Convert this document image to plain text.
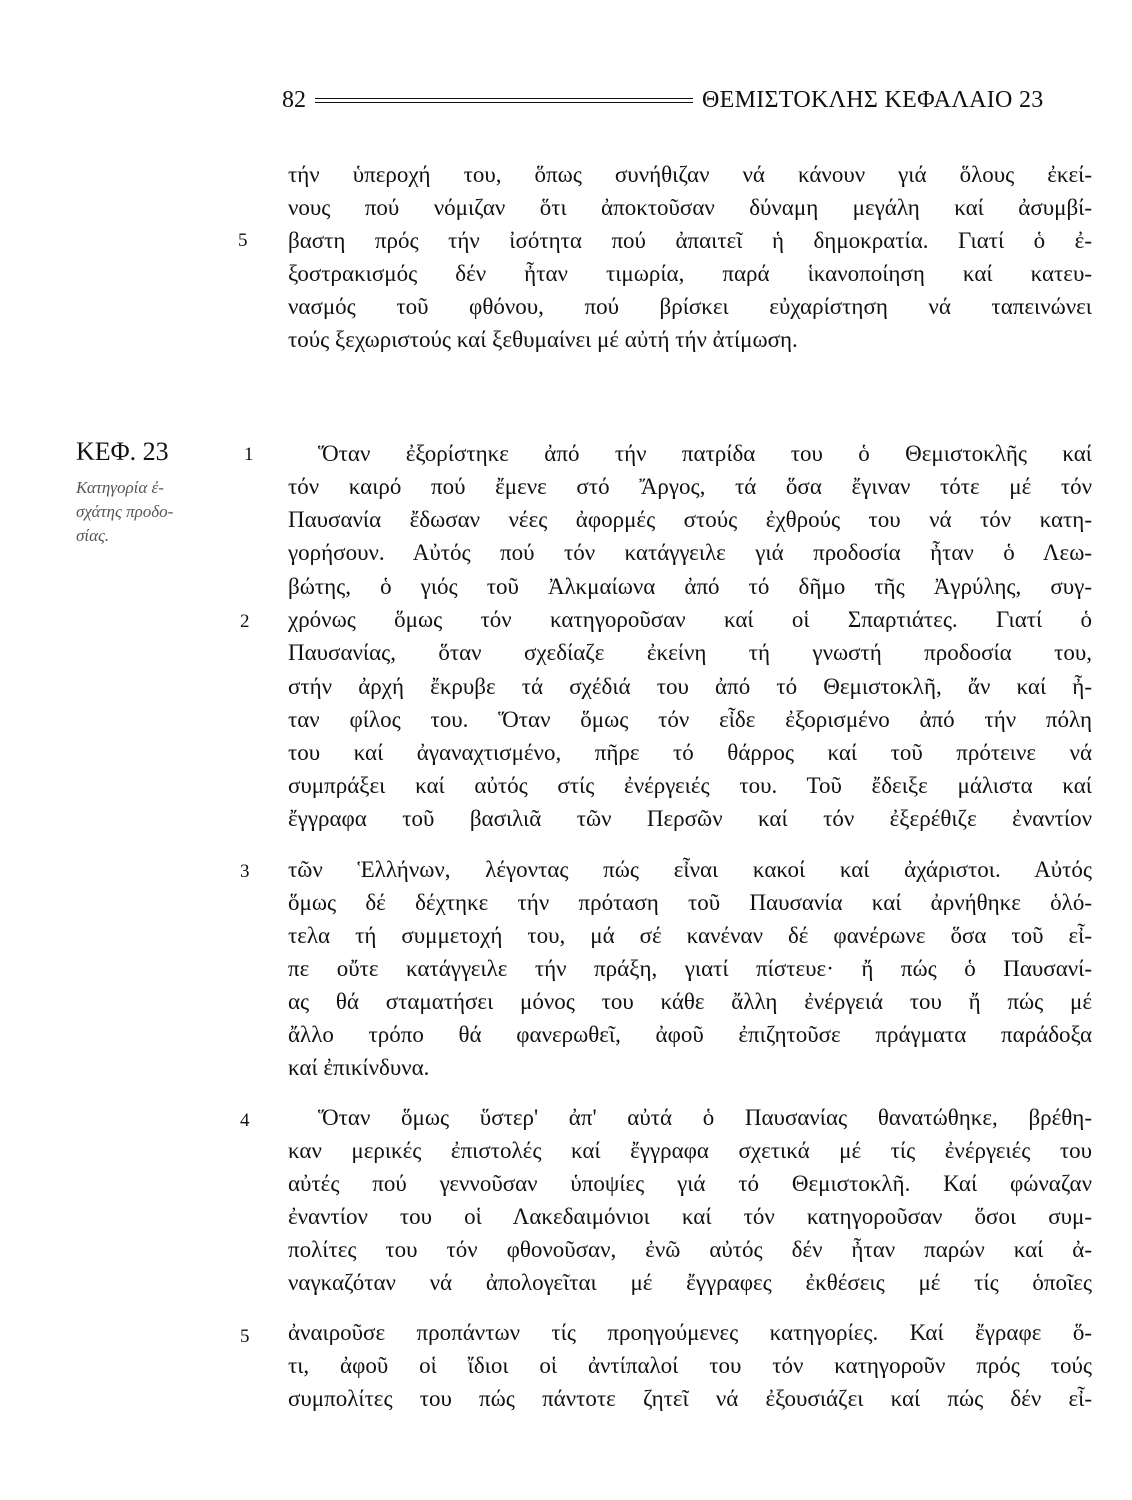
82	ΘΕΜΙΣΤΟΚΛΗΣ ΚΕΦΑΛΑΙΟ 23
ΚΕΦ. 23
Κατηγορία ἐ-
σχάτης προδο-
σίας.
5
1
2
3
4
5
τήν ὑπεροχή του, ὅπως συνήθιζαν νά κάνουν γιά ὅλους ἐκεί-
νους πού νόμιζαν ὅτι ἀποκτοῦσαν δύναμη μεγάλη καί ἀσυμβί-
βαστη πρός τήν ἰσότητα πού ἀπαιτεῖ ἡ δημοκρατία. Γιατί ὁ ἐ-
ξοστρακισμός δέν ἦταν τιμωρία, παρά ἱκανοποίηση καί κατευ-
νασμός τοῦ φθόνου, πού βρίσκει εὐχαρίστηση νά ταπεινώνει
τούς ξεχωριστούς καί ξεθυμαίνει μέ αὐτή τήν ἀτίμωση.
Ὅταν ἐξορίστηκε ἀπό τήν πατρίδα του ὁ Θεμιστοκλῆς καί
τόν καιρό πού ἔμενε στό Ἄργος, τά ὅσα ἔγιναν τότε μέ τόν
Παυσανία ἔδωσαν νέες ἀφορμές στούς ἐχθρούς του νά τόν κατη-
γορήσουν. Αὐτός πού τόν κατάγγειλε γιά προδοσία ἦταν ὁ Λεω-
βώτης, ὁ γιός τοῦ Ἀλκμαίωνα ἀπό τό δῆμο τῆς Ἀγρύλης, συγ-
χρόνως ὅμως τόν κατηγοροῦσαν καί οἱ Σπαρτιάτες. Γιατί ὁ
Παυσανίας, ὅταν σχεδίαζε ἐκείνη τή γνωστή προδοσία του,
στήν ἀρχή ἔκρυβε τά σχέδιά του ἀπό τό Θεμιστοκλῆ, ἄν καί ἦ-
ταν φίλος του. Ὅταν ὅμως τόν εἶδε ἐξορισμένο ἀπό τήν πόλη
του καί ἀγαναχτισμένο, πῆρε τό θάρρος καί τοῦ πρότεινε νά
συμπράξει καί αὐτός στίς ἐνέργειές του. Τοῦ ἔδειξε μάλιστα καί
ἔγγραφα τοῦ βασιλιᾶ τῶν Περσῶν καί τόν ἐξερέθιζε ἐναντίον
τῶν Ἑλλήνων, λέγοντας πώς εἶναι κακοί καί ἀχάριστοι. Αὐτός
ὅμως δέ δέχτηκε τήν πρόταση τοῦ Παυσανία καί ἀρνήθηκε ὁλό-
τελα τή συμμετοχή του, μά σέ κανέναν δέ φανέρωνε ὅσα τοῦ εἶ-
πε οὔτε κατάγγειλε τήν πράξη, γιατί πίστευε· ἤ πώς ὁ Παυσανί-
ας θά σταματήσει μόνος του κάθε ἄλλη ἐνέργειά του ἤ πώς μέ
ἄλλο τρόπο θά φανερωθεῖ, ἀφοῦ ἐπιζητοῦσε πράγματα παράδοξα
καί ἐπικίνδυνα.
Ὅταν ὅμως ὕστερ' ἀπ' αὐτά ὁ Παυσανίας θανατώθηκε, βρέθη-
καν μερικές ἐπιστολές καί ἔγγραφα σχετικά μέ τίς ἐνέργειές του
αὐτές πού γεννοῦσαν ὑποψίες γιά τό Θεμιστοκλῆ. Καί φώναζαν
ἐναντίον του οἱ Λακεδαιμόνιοι καί τόν κατηγοροῦσαν ὅσοι συμ-
πολίτες του τόν φθονοῦσαν, ἐνῶ αὐτός δέν ἦταν παρών καί ἀ-
ναγκαζόταν νά ἀπολογεῖται μέ ἔγγραφες ἐκθέσεις μέ τίς ὁποῖες
ἀναιροῦσε προπάντων τίς προηγούμενες κατηγορίες. Καί ἔγραφε ὅ-
τι, ἀφοῦ οἱ ἴδιοι οἱ ἀντίπαλοί του τόν κατηγοροῦν πρός τούς
συμπολίτες του πώς πάντοτε ζητεῖ νά ἐξουσιάζει καί πώς δέν εἶ-
